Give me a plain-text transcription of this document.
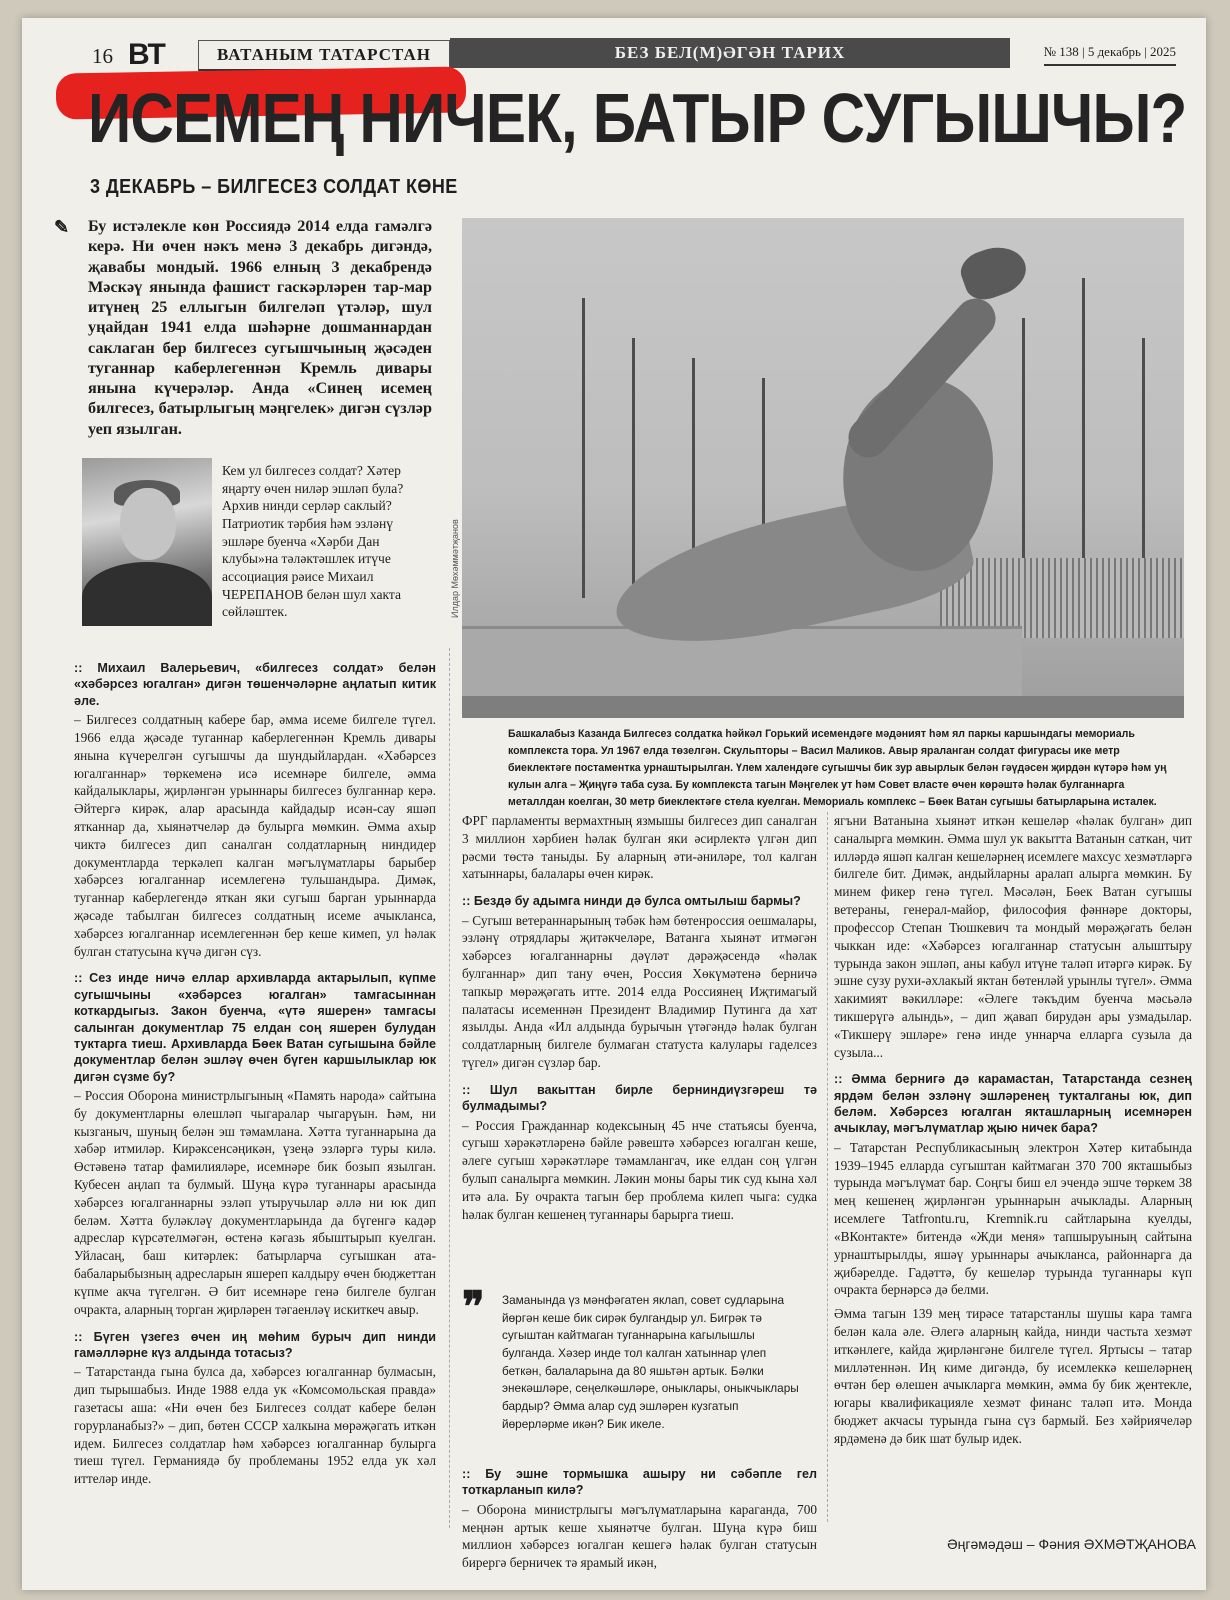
16 ВТ	ВАТАНЫМ ТАТАРСТАН	БЕЗ БЕЛ(М)ӘГӘН ТАРИХ	№ 138 | 5 декабрь | 2025
ИСЕМЕҢ НИЧЕК, БАТЫР СУГЫШЧЫ?
3 ДЕКАБРЬ – БИЛГЕСЕЗ СОЛДАТ КӨНЕ
✎ Бу истәлекле көн Россиядә 2014 елда гамәлгә керә. Ни өчен нәкъ менә 3 декабрь дигәндә, җавабы мондый. 1966 елның 3 декабрендә Мәскәү янында фашист гаскәрләрен тар-мар итүнең 25 еллыгын билгеләп үтәләр, шул уңайдан 1941 елда шәһәрне дошманнардан саклаган бер билгесез сугышчының җәсәден туганнар каберлегеннән Кремль дивары янына күчерәләр. Анда «Синең исемең билгесез, батырлыгың мәңгелек» дигән сүзләр уеп язылган.
Кем ул билгесез солдат? Хәтер яңарту өчен ниләр эшләп була? Архив нинди серләр саклый? Патриотик тәрбия һәм эзләнү эшләре буенча «Хәрби Дан клубы»на тәләктәшлек итүче ассоциация рәисе Михаил ЧЕРЕПАНОВ белән шул хакта сөйләштек.	Илдар Мөхәммәтҗанов
Башкалабыз Казанда Билгесез солдатка һәйкәл Горький исемендәге мәдәният һәм ял паркы каршындагы мемориаль комплекста тора. Ул 1967 елда төзелгән. Скульпторы – Васил Маликов. Авыр яраланган солдат фигурасы ике метр биеклектәге постаментка урнаштырылган. Үлем халендәге сугышчы бик зур авырлык белән гәүдәсен җирдән күтәрә һәм уң кулын алга – Җиңүгә таба суза. Бу комплекста тагын Мәңгелек ут һәм Совет власте өчен көрәштә һәлак булганнарга металлдан коелган, 30 метр биеклектәге стела куелган. Мемориаль комплекс – Бөек Ватан сугышы батырларына исталек.

:: Михаил Валерьевич, «билгесез солдат» белән «хәбәрсез югалган» дигән төшенчәләрне аңлатып китик әле.

– Билгесез солдатның кабере бар, әмма исеме билгеле түгел. 1966 елда җәсәде туганнар каберлегеннән Кремль дивары янына күчерелгән сугышчы да шундыйлардан. «Хәбәрсез югалганнар» төркеменә исә исемнәре билгеле, әмма кайдалыклары, җирләнгән урыннары билгесез булганнар керә. Әйтергә кирәк, алар арасында кайдадыр исән-сау яшәп ятканнар да, хыянәтчеләр дә булырга мөмкин. Әмма ахыр чиктә билгесез дип саналган солдатларның ниндидер документларда теркәлеп калган мәгълүматлары барыбер хәбәрсез югалганнар исемлегенә тульшандыра. Димәк, туганнар каберлегендә яткан яки сугыш барган урыннарда җәсәде табылган билгесез солдатның исеме ачыкланса, хәбәрсез югалганнар исемлегеннән бер кеше кимеп, ул һәлак булган статусына күчә дигән сүз.

:: Сез инде ничә еллар архивларда актарылып, күпме сугышчыны «хәбәрсез югалган» тамгасыннан коткардыгыз. Закон буенча, «үтә яшерен» тамгасы салынган документлар 75 елдан соң яшерен булудан туктарга тиеш. Архивларда Бөек Ватан сугышына бәйле документлар белән эшләү өчен бүген каршылыклар юк дигән сүзме бу?

– Россия Оборона министрлыгының «Память народа» сайтына бу документларны өлешләп чыгаралар чыгарүын. Һәм, ни кызганыч, шуның белән эш тәмамлана. Хәтта туганнарына да хәбәр итмиләр. Кирәксенсәңикән, үзеңә эзләргә туры килә. Өстәвенә татар фамилияләре, исемнәре бик бозып язылган. Кубесен аңлап та булмый. Шуңа күрә туганнары арасында хәбәрсез югалганнарны эзләп утыручылар әллә ни юк дип беләм. Хәтта буләкләү документларында да бүгенгә кадәр адреслар күрсәтелмәгән, өстенә кәгазь ябыштырып куелган. Уйласаң, баш китәрлек: батырларча сугышкан ата-бабаларыбызның адресларын яшереп калдыру өчен бюджеттан күпме акча түгелгән. Ә бит исемнәре генә билгеле булган очракта, аларның торган җирләрен тәгаенләү искиткеч авыр.

:: Бүген үзегез өчен иң мөһим бурыч дип нинди гамәлләрне күз алдында тотасыз?

– Татарстанда гына булса да, хәбәрсез югалганнар булмасын, дип тырышабыз. Инде 1988 елда ук «Комсомольская правда» газетасы аша: «Ни өчен без Билгесез солдат кабере белән горурланабыз?» – дип, бөтен СССР халкына мөрәҗәгать иткән идем. Билгесез солдатлар һәм хәбәрсез югалганнар булырга тиеш түгел. Германиядә бу проблеманы 1952 елда ук хәл иттеләр инде.

ФРГ парламенты вермахтның язмышы билгесез дип саналган 3 миллион хәрбиен һәлак булган яки әсирлектә үлгән дип рәсми төстә таныды. Бу аларның әти-әниләре, тол калган хатыннары, балалары өчен кирәк.

:: Бездә бу адымга нинди дә булса омтылыш бармы?

– Сугыш ветераннарының тәбәк һәм бөтенроссия оешмалары, эзләнү отрядлары җитәкчеләре, Ватанга хыянәт итмәгән хәбәрсез югалганнарны дәүләт дәрәҗәсендә «һәлак булганнар» дип тану өчен, Россия Хөкүмәтенә берничә тапкыр мөрәҗәгать итте. 2014 елда Россиянең Иҗтимагый палатасы исеменнән Президент Владимир Путинга да хат язылды. Анда «Ил алдында бурычын үтәгәндә һәлак булган солдатларның билгеле булмаган статуста калулары гаделсез түгел» дигән сүзләр бар.

:: Шул вакыттан бирле берниндиүзгәреш тә булмадымы?

– Россия Гражданнар кодексының 45 нче статьясы буенча, сугыш хәрәкәтләренә бәйле рәвештә хәбәрсез югалган кеше, әлеге сугыш хәрәкәтләре тәмамлангач, ике елдан соң үлгән булып саналырга мөмкин. Ләкин моны бары тик суд кына хәл итә ала. Бу очракта тагын бер проблема килеп чыга: судка һәлак булган кешенең туганнары барырга тиеш.

❞	Заманында үз мәнфәгатен яклап, совет судларына йөргән кеше бик сирәк булгандыр ул. Бигрәк тә сугыштан кайтмаган туганнарына кагылышлы булганда. Хәзер инде тол калган хатыннар үлеп беткән, балаларына да 80 яшьтән артык. Бәлки энекәшләре, сеңелкәшләре, оныклары, оныкчыклары бардыр? Әмма алар суд эшләрен кузгатып йөрерләрме икән? Бик икеле.

:: Бу эшне тормышка ашыру ни сәбәпле гел тоткарланып килә?

– Оборона министрлыгы мәгълүматларына караганда, 700 меңнән артык кеше хыянәтче булган. Шуңа күрә биш миллион хәбәрсез югалган кешегә һәлак булган статусын бирергә берничек тә ярамый икән,

ягъни Ватанына хыянәт иткән кешеләр «һәлак булган» дип саналырга мөмкин. Әмма шул ук вакытта Ватанын саткан, чит илләрдә яшәп калган кешеләрнең исемлеге махсус хезмәтләргә билгеле бит. Димәк, андыйларны аралап алырга мөмкин. Бу минем фикер генә түгел. Мәсәлән, Бөек Ватан сугышы ветераны, генерал-майор, философия фәннәре докторы, профессор Степан Тюшкевич та мондый мөрәҗәгать белән чыккан иде: «Хәбәрсез югалганнар статусын алыштыру турында закон эшләп, аны кабул итүне таләп итәргә кирәк. Бу эшне сузу рухи-әхлакый яктан бөтенләй урынлы түгел». Әмма хакимият вәкилләре: «Әлеге тәкъдим буенча мәсьәлә тикшерүгә алындь», – дип җавап бирудән ары узмадылар. «Тикшерү эшләре» генә инде уннарча елларга сузыла да сузыла...

:: Әмма бернигә дә карамастан, Татарстанда сезнең ярдәм белән эзләнү эшләренең тукталганы юк, дип беләм. Хәбәрсез югалган якташларның исемнәрен ачыклау, мәгълүматлар җыю ничек бара?

– Татарстан Республикасының электрон Хәтер китабында 1939–1945 елларда сугыштан кайтмаган 370 700 якташыбыз турында мәгълүмат бар. Соңгы биш ел эчендә эшче төркем 38 мең кешенең җирләнгән урыннарын ачыклады. Аларның исемлеге Tatfrontu.ru, Kremnik.ru сайтларына куелды, «ВКонтакте» битендә «Жди меня» тапшыруының сайтына урнаштырылды, яшәү урыннары ачыкланса, районнарга да җибәрелде. Гадәттә, бу кешеләр турында туганнары күп очракта бернәрсә дә белми.

Әмма тагын 139 мең тирәсе татарстанлы шушы кара тамга белән кала әле. Әлегә аларның кайда, нинди частьта хезмәт иткәнлеге, кайда җирләнгәне билгеле түгел. Яртысы – татар милләтеннән. Иң киме дигәндә, бу исемлеккә кешеләрнең өчтән бер өлешен ачыкларга мөмкин, әмма бу бик җентекле, югары квалификацияле хезмәт финанс таләп итә. Монда бюджет акчасы турында гына сүз бармый. Без хәйриячеләр ярдәменә дә бик шат булыр идек.

Әңгәмәдәш – Фәния ӘХМӘТҖАНОВА
